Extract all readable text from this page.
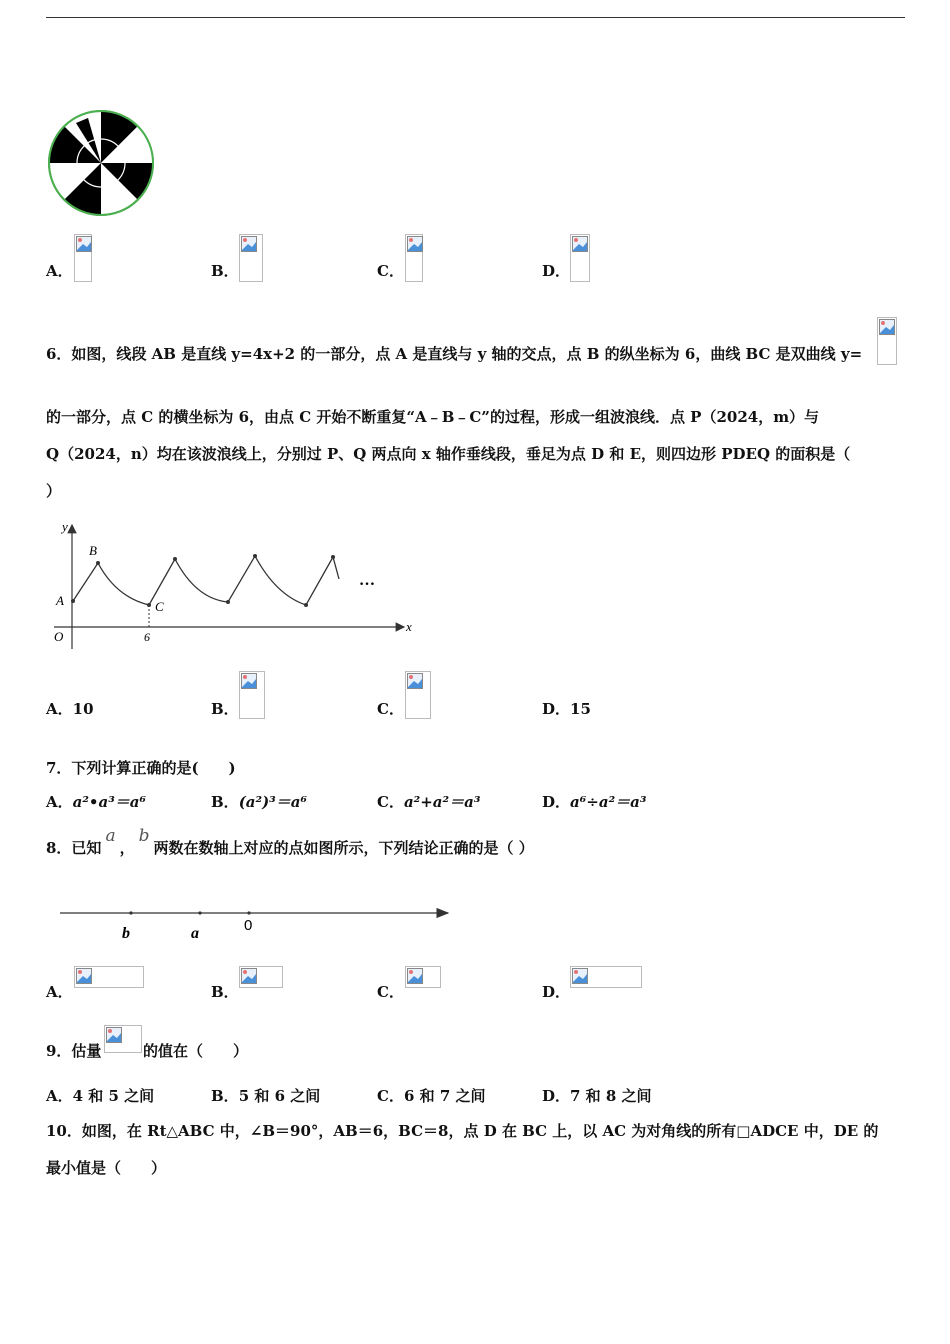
A．	B．	C．	D．
6．如图，线段 AB 是直线 y=4x+2 的一部分，点 A 是直线与 y 轴的交点，点 B 的纵坐标为 6，曲线 BC 是双曲线 y=
的一部分，点 C 的横坐标为 6，由点 C 开始不断重复“A﹣B﹣C”的过程，形成一组波浪线．点 P（2024，m）与
Q（2024，n）均在该波浪线上，分别过 P、Q 两点向 x 轴作垂线段，垂足为点 D 和 E，则四边形 PDEQ 的面积是（
）
y
x
O
A
B
C
6
…
A．10	B．	C．	D．15
7．下列计算正确的是(　　)
A．a²•a³＝a⁶	B．(a²)³＝a⁶	C．a²+a²＝a³	D．a⁶÷a²＝a³
8．已知a，b两数在数轴上对应的点如图所示，下列结论正确的是（ ）
b	a	0
A．	B．	C．	D．
9．估量	的值在（　　）
A．4 和 5 之间	B．5 和 6 之间	C．6 和 7 之间	D．7 和 8 之间
10．如图，在 Rt△ABC 中，∠B＝90°，AB＝6，BC＝8，点 D 在 BC 上，以 AC 为对角线的所有□ADCE 中，DE 的
最小值是（　　）
